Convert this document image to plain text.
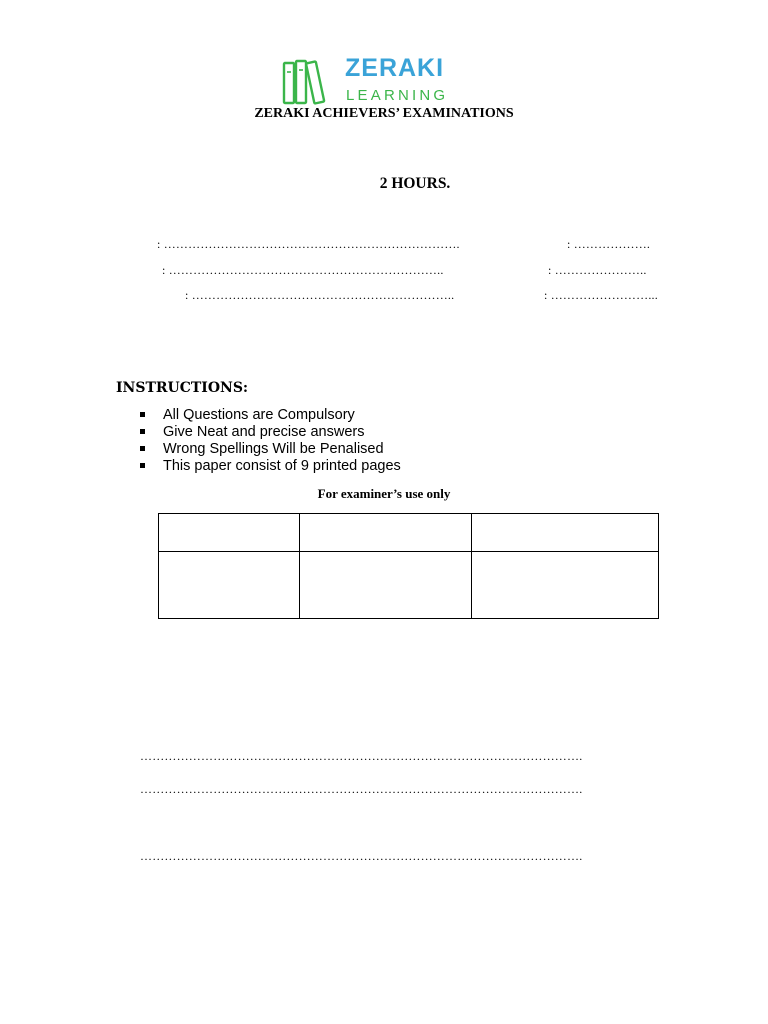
ZERAKI
LEARNING
ZERAKI ACHIEVERS’ EXAMINATIONS
2 HOURS.
: ……………………………………………………………….	: ……………….
: …………………………………………………………..	: …………………..
: ………………………………………………………..	: ……………………...
INSTRUCTIONS:
All Questions are Compulsory
Give Neat and precise answers
Wrong Spellings Will be Penalised
This paper consist of 9 printed pages
For examiner’s use only

……………………………………………………………………………………………….
……………………………………………………………………………………………….
……………………………………………………………………………………………….
